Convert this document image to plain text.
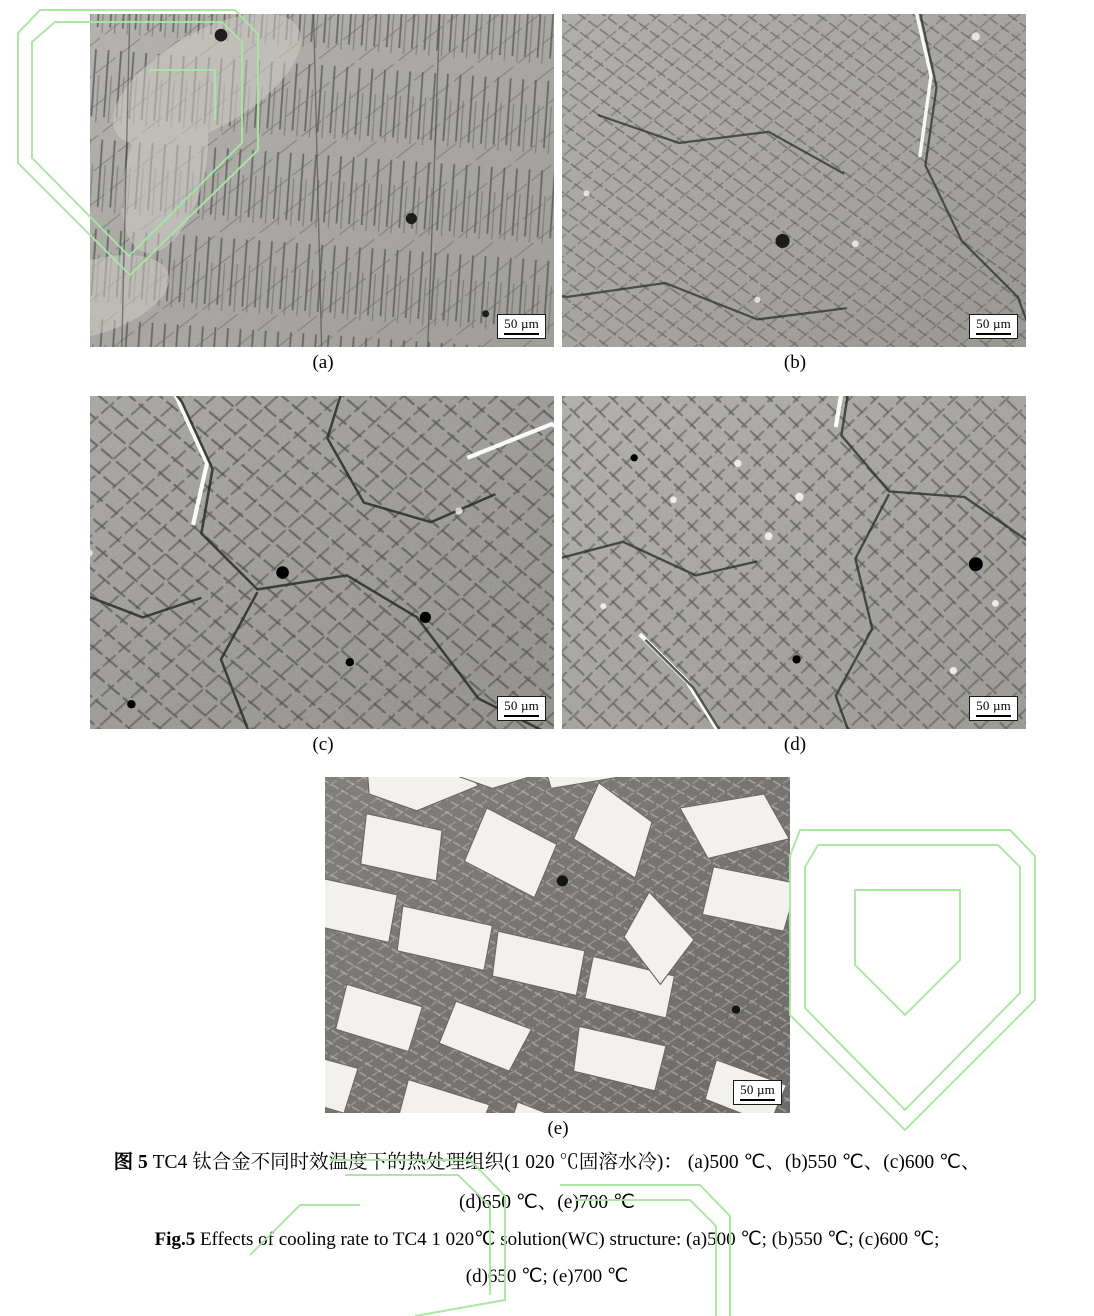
50 µm
(a)
50 µm
(b)
50 µm
(c)
50 µm
(d)
50 µm
(e)
图 5 TC4 钛合金不同时效温度下的热处理组织(1 020 ℃固溶水冷)： (a)500 ℃、(b)550 ℃、(c)600 ℃、
(d)650 ℃、(e)700 ℃
Fig.5 Effects of cooling rate to TC4 1 020℃ solution(WC) structure: (a)500 ℃; (b)550 ℃; (c)600 ℃;
(d)650 ℃; (e)700 ℃
